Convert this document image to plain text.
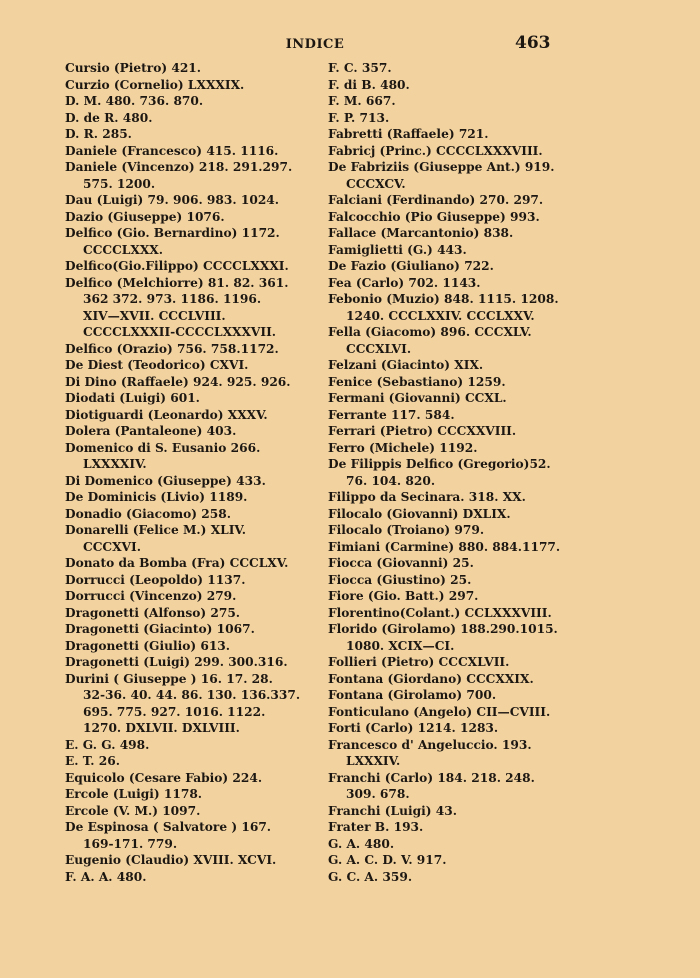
INDICE	463
Cursio (Pietro) 421.
Curzio (Cornelio) LXXXIX.
D. M. 480. 736. 870.
D. de R. 480.
D. R. 285.
Daniele (Francesco) 415. 1116.
Daniele (Vincenzo) 218. 291.297.
575. 1200.
Dau (Luigi) 79. 906. 983. 1024.
Dazio (Giuseppe) 1076.
Delfico (Gio. Bernardino) 1172.
CCCCLXXX.
Delfico(Gio.Filippo) CCCCLXXXI.
Delfico (Melchiorre) 81. 82. 361.
362 372. 973. 1186. 1196.
XIV—XVII. CCCLVIII.
CCCCLXXXII-CCCCLXXXVII.
Delfico (Orazio) 756. 758.1172.
De Diest (Teodorico) CXVI.
Di Dino (Raffaele) 924. 925. 926.
Diodati (Luigi) 601.
Diotiguardi (Leonardo) XXXV.
Dolera (Pantaleone) 403.
Domenico di S. Eusanio 266.
LXXXXIV.
Di Domenico (Giuseppe) 433.
De Dominicis (Livio) 1189.
Donadio (Giacomo) 258.
Donarelli (Felice M.) XLIV.
CCCXVI.
Donato da Bomba (Fra) CCCLXV.
Dorrucci (Leopoldo) 1137.
Dorrucci (Vincenzo) 279.
Dragonetti (Alfonso) 275.
Dragonetti (Giacinto) 1067.
Dragonetti (Giulio) 613.
Dragonetti (Luigi) 299. 300.316.
Durini ( Giuseppe ) 16. 17. 28.
32-36. 40. 44. 86. 130. 136.337.
695. 775. 927. 1016. 1122.
1270. DXLVII. DXLVIII.
E. G. G. 498.
E. T. 26.
Equicolo (Cesare Fabio) 224.
Ercole (Luigi) 1178.
Ercole (V. M.) 1097.
De Espinosa ( Salvatore ) 167.
169-171. 779.
Eugenio (Claudio) XVIII. XCVI.
F. A. A. 480.
F. C. 357.
F. di B. 480.
F. M. 667.
F. P. 713.
Fabretti (Raffaele) 721.
Fabricj (Princ.) CCCCLXXXVIII.
De Fabriziis (Giuseppe Ant.) 919.
CCCXCV.
Falciani (Ferdinando) 270. 297.
Falcocchio (Pio Giuseppe) 993.
Fallace (Marcantonio) 838.
Famiglietti (G.) 443.
De Fazio (Giuliano) 722.
Fea (Carlo) 702. 1143.
Febonio (Muzio) 848. 1115. 1208.
1240. CCCLXXIV. CCCLXXV.
Fella (Giacomo) 896. CCCXLV.
CCCXLVI.
Felzani (Giacinto) XIX.
Fenice (Sebastiano) 1259.
Fermani (Giovanni) CCXL.
Ferrante 117. 584.
Ferrari (Pietro) CCCXXVIII.
Ferro (Michele) 1192.
De Filippis Delfico (Gregorio)52.
76. 104. 820.
Filippo da Secinara. 318. XX.
Filocalo (Giovanni) DXLIX.
Filocalo (Troiano) 979.
Fimiani (Carmine) 880. 884.1177.
Fiocca (Giovanni) 25.
Fiocca (Giustino) 25.
Fiore (Gio. Batt.) 297.
Florentino(Colant.) CCLXXXVIII.
Florido (Girolamo) 188.290.1015.
1080. XCIX—CI.
Follieri (Pietro) CCCXLVII.
Fontana (Giordano) CCCXXIX.
Fontana (Girolamo) 700.
Fonticulano (Angelo) CII—CVIII.
Forti (Carlo) 1214. 1283.
Francesco d' Angeluccio. 193.
LXXXIV.
Franchi (Carlo) 184. 218. 248.
309. 678.
Franchi (Luigi) 43.
Frater B. 193.
G. A. 480.
G. A. C. D. V. 917.
G. C. A. 359.
